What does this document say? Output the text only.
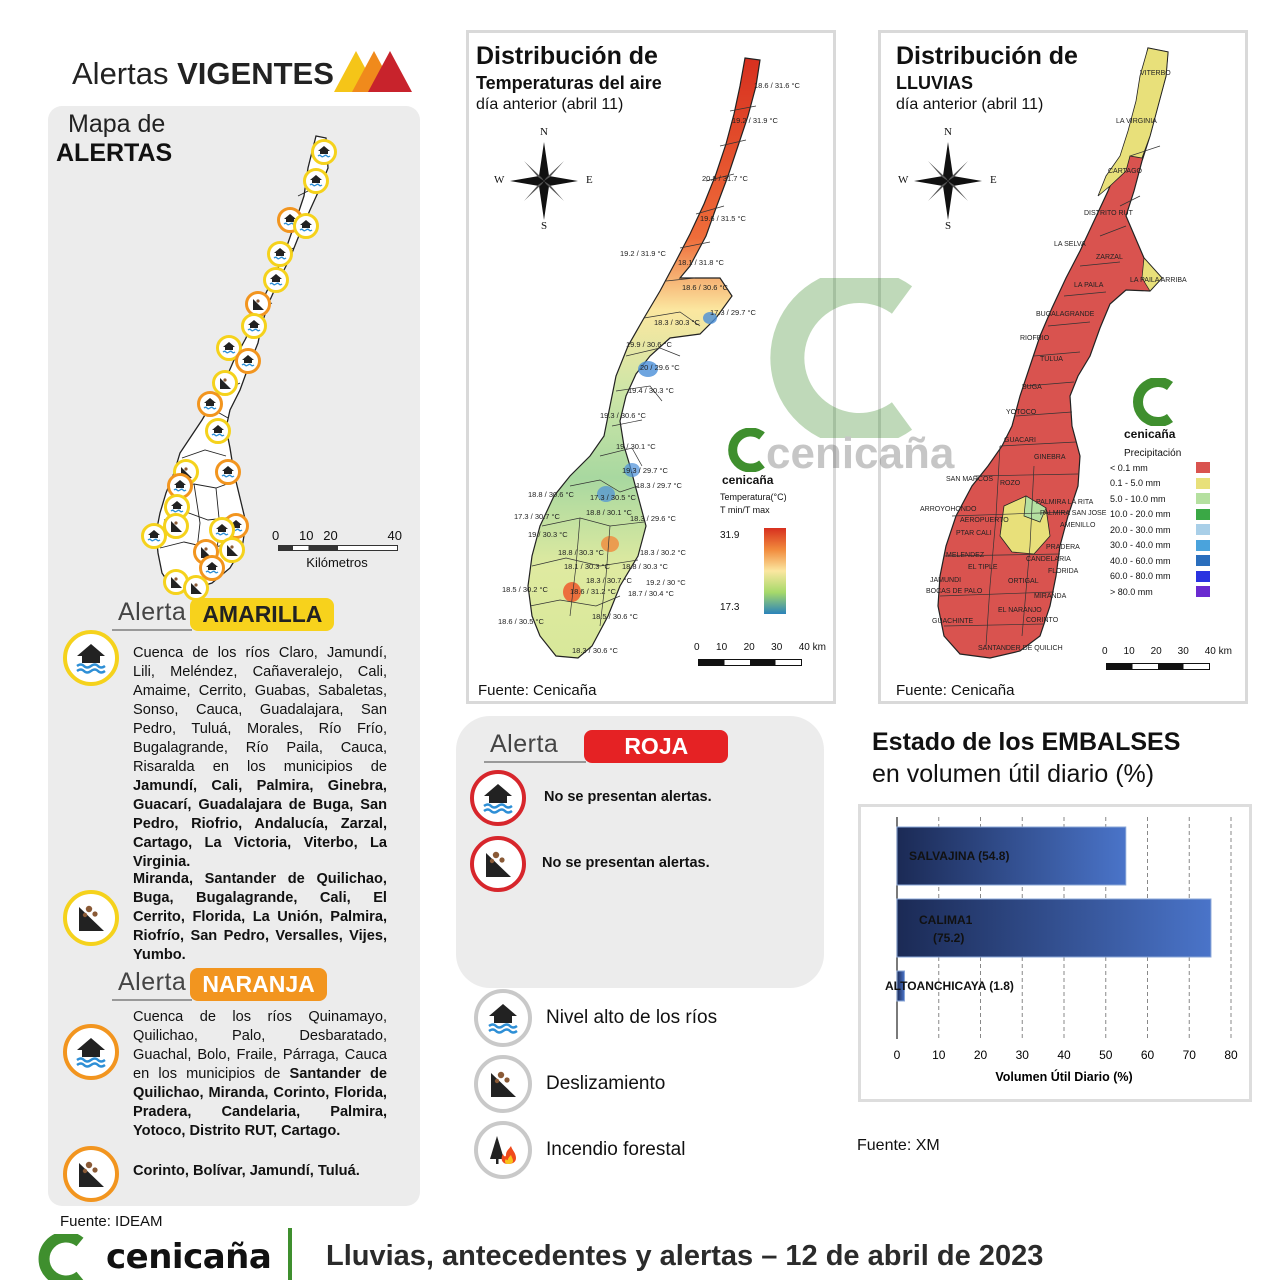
Alertas VIGENTES
Mapa de
ALERTAS
0 10 20	40
Kilómetros
Alerta AMARILLA
Cuenca de los ríos Claro, Jamundí, Lili, Meléndez, Cañaveralejo, Cali, Amaime, Cerrito, Guabas, Sabaletas, Sonso, Cauca, Guadalajara, San Pedro, Tuluá, Morales, Río Frío, Bugalagrande, Río Paila, Cauca, Risaralda en los municipios de Jamundí, Cali, Palmira, Ginebra, Guacarí, Guadalajara de Buga, San Pedro, Riofrio, Andalucía, Zarzal, Cartago, La Victoria, Viterbo, La Virginia.
Miranda, Santander de Quilichao, Buga, Bugalagrande, Cali, El Cerrito, Florida, La Unión, Palmira, Riofrío, San Pedro, Versalles, Vijes, Yumbo.
Alerta NARANJA
Cuenca de los ríos Quinamayo, Quilichao, Palo, Desbaratado, Guachal, Bolo, Fraile, Párraga, Cauca en los municipios de Santander de Quilichao, Miranda, Corinto, Florida, Pradera, Candelaria, Palmira, Yotoco, Distrito RUT, Cartago.
Corinto, Bolívar, Jamundí, Tuluá.
Fuente: IDEAM
Distribución de
Temperaturas del aire
día anterior (abril 11)
N
S
W	E
18.6 / 31.6 °C
19.2 / 31.9 °C
20.8 / 31.7 °C
19.6 / 31.5 °C
19.2 / 31.9 °C
18.1 / 31.8 °C
18.6 / 30.6 °C
17.3 / 29.7 °C
18.3 / 30.3 °C
19.9 / 30.6 °C
20 / 29.6 °C
19.4 / 30.3 °C
19.3 / 30.6 °C
19 / 30.1 °C
19.3 / 29.7 °C
18.3 / 29.7 °C
18.8 / 30.6 °C 17.3 / 30.5 °C
17.3 / 30.7 °C	18.3 / 29.6 °C
19 / 30.3 °C
18.8 / 30.1 °C
18.8 / 30.3 °C	18.3 / 30.2 °C
18.1 / 30.3 °C 18.8 / 30.3 °C
18.3 / 30.7 °C 19.2 / 30 °C
18.5 / 30.2 °C	18.6 / 31.2 °C 18.7 / 30.4 °C
18.6 / 30.5 °C
18.5 / 30.6 °C
18.3 / 30.6 °C
cenicaña
Temperatura(°C)
T min/T max
31.9
17.3
0 10 20 30 40 km
Fuente: Cenicaña
Distribución de
LLUVIAS
día anterior (abril 11)
N
S
W	E
VITERBO
LA VIRGINIA
CARTAGO
DISTRITO RUT
LA SELVA
ZARZAL
LA PAILA
LA PAILA ARRIBA
BUGALAGRANDE
RIOFRIO
TULUA
BUGA
YOTOCO
GUACARI
GINEBRA
SAN MARCOS
ROZO
PALMIRA LA RITA
PALMIRA SAN JOSE
ARROYOHONDO
AEROPUERTO
AMENILLO
PTAR CALI
PRADERA
MELENDEZ
CANDELARIA
EL TIPLE
FLORIDA
ORTIGAL
JAMUNDI
BOCAS DE PALO
MIRANDA
EL NARANJO
GUACHINTE	CORINTO
SANTANDER DE QUILICH
cenicaña
Precipitación
< 0.1 mm
0.1 - 5.0 mm
5.0 - 10.0 mm
10.0 - 20.0 mm
20.0 - 30.0 mm
30.0 - 40.0 mm
40.0 - 60.0 mm
60.0 - 80.0 mm
> 80.0 mm
0 10 20 30 40 km
Fuente: Cenicaña
cenicaña
Alerta	ROJA
No se presentan alertas.
No se presentan alertas.
Nivel alto de los ríos
Deslizamiento
Incendio forestal
Estado de los EMBALSES
en volumen útil diario (%)
0	10 20 30 40 50 60 70 80
SALVAJINA (54.8)
CALIMA1
(75.2)
ALTOANCHICAYA (1.8)
Volumen Útil Diario (%)
Fuente: XM
cenicaña Lluvias, antecedentes y alertas – 12 de abril de 2023
